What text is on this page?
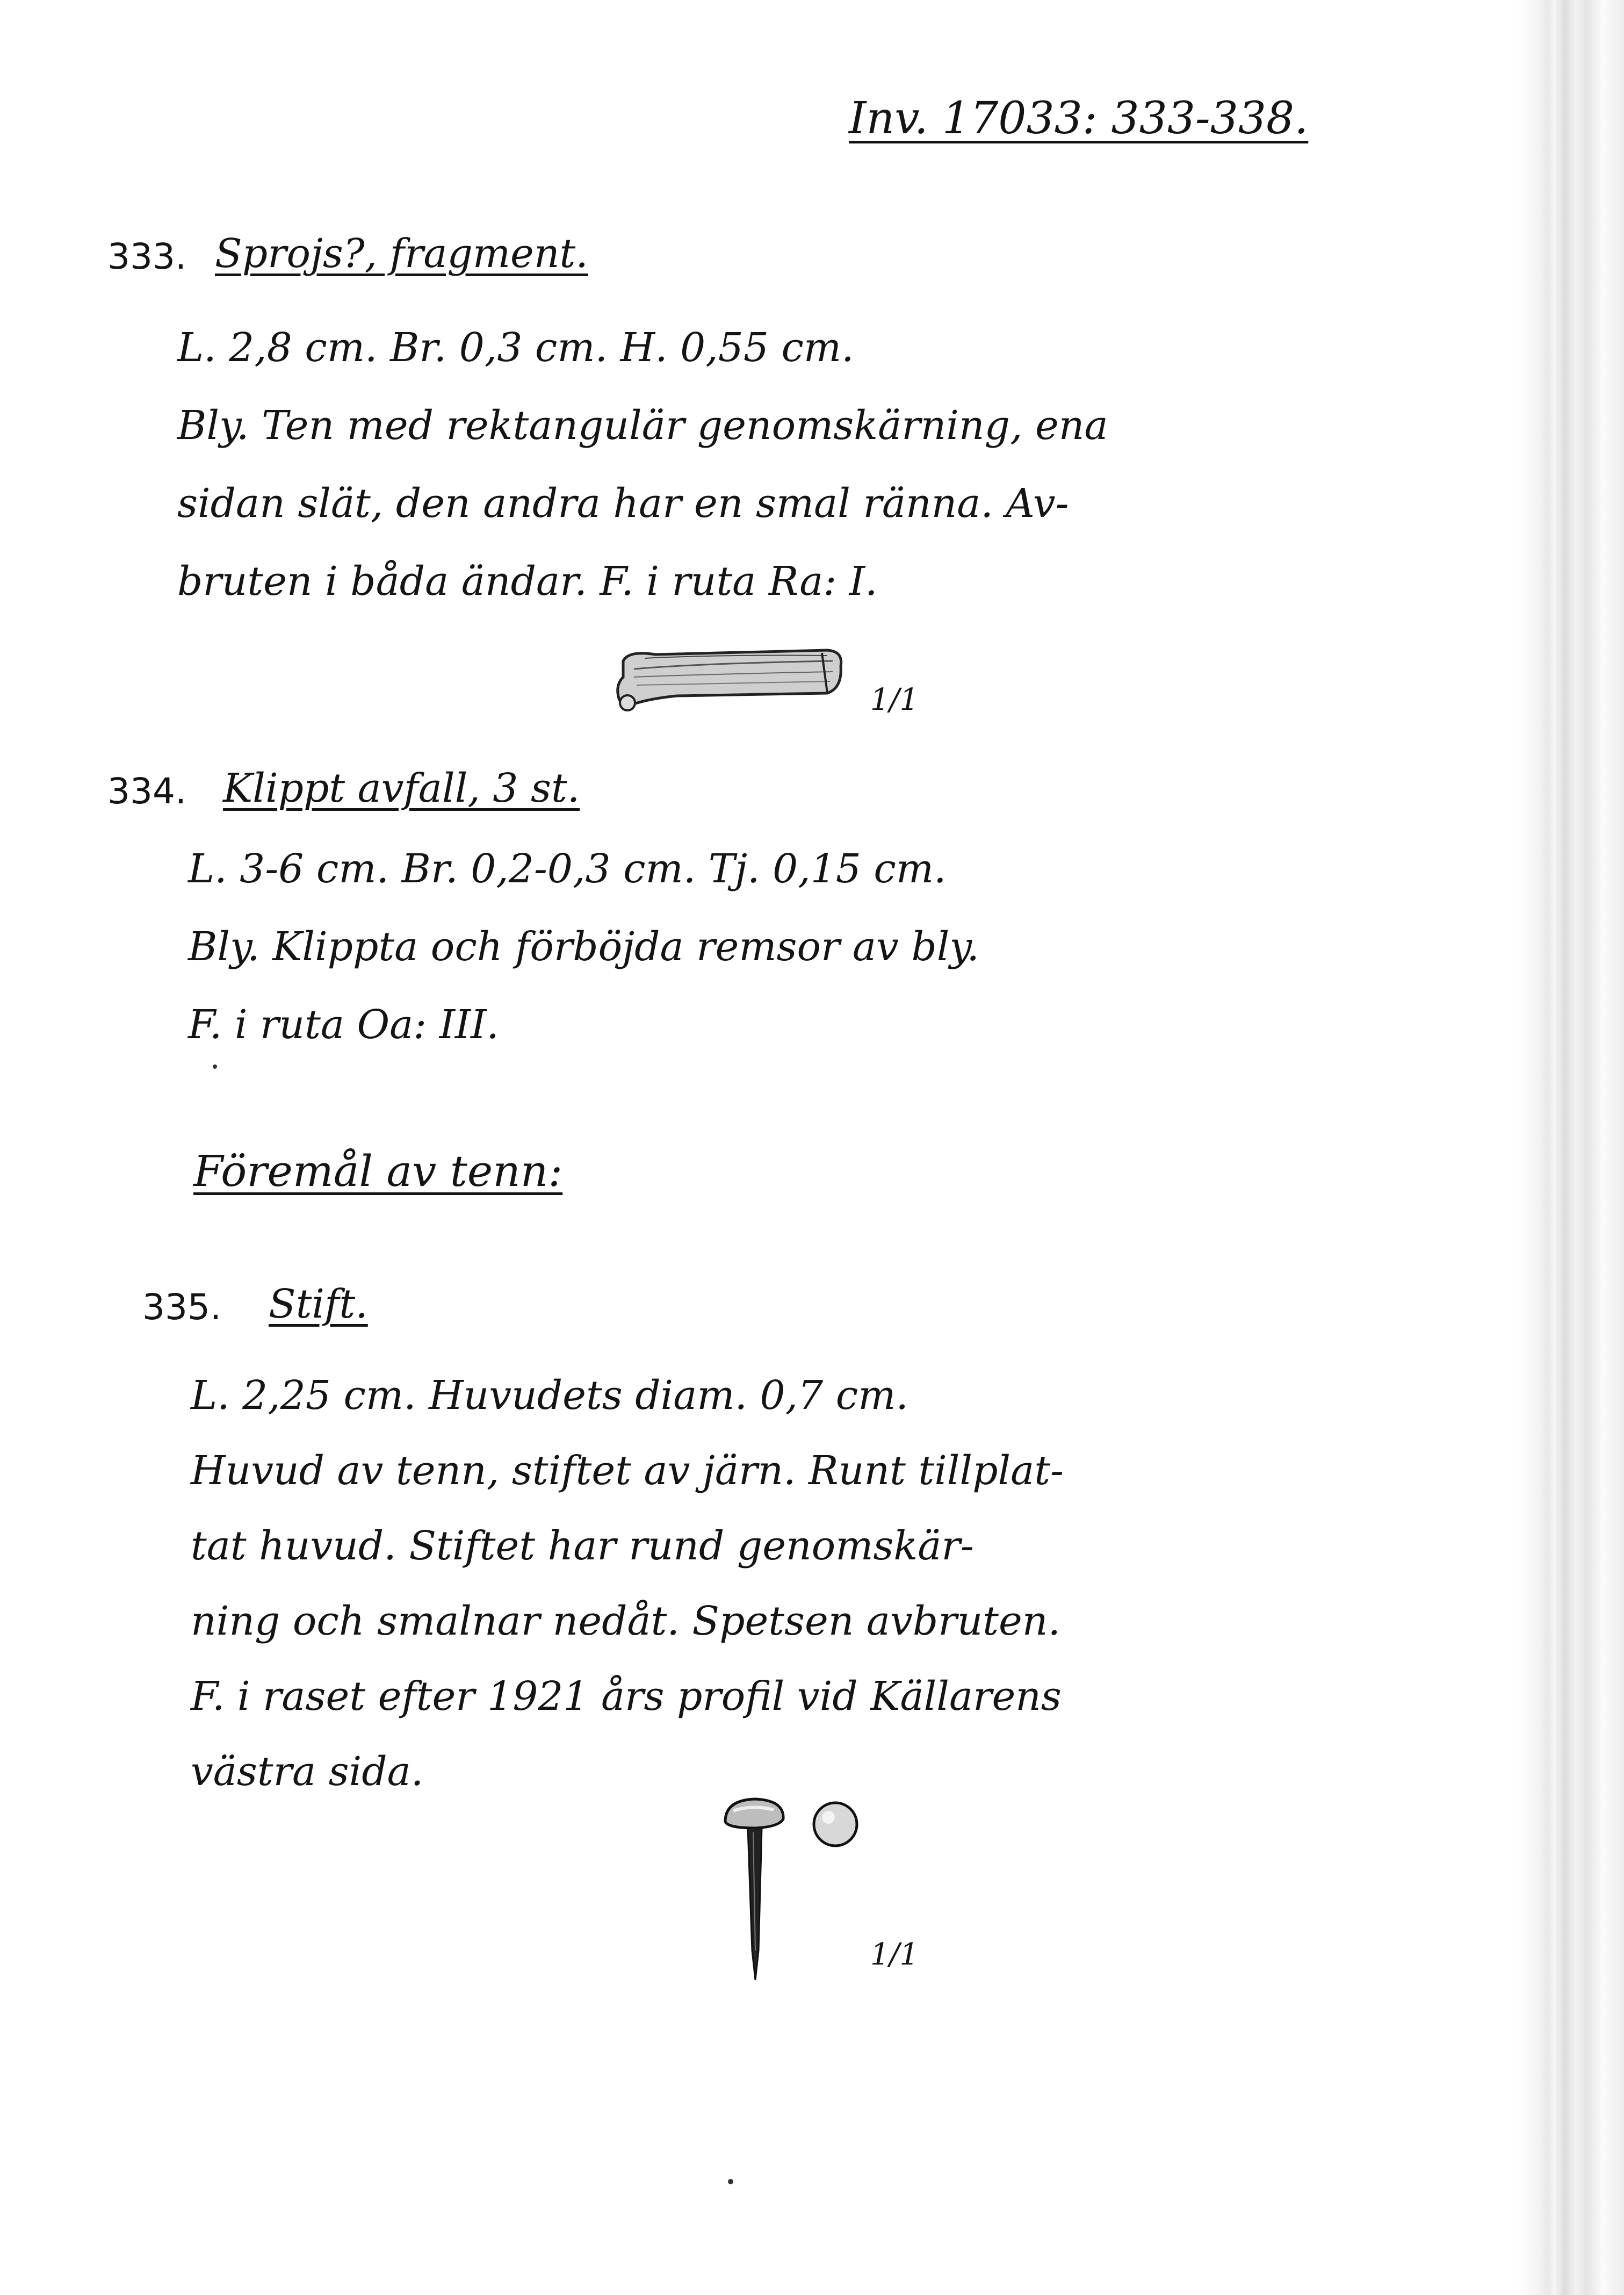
Inv. 17033: 333-338.
333. Sprojs?, fragment.
L. 2,8 cm. Br. 0,3 cm. H. 0,55 cm.
Bly. Ten med rektangulär genomskärning, ena
sidan slät, den andra har en smal ränna. Av-
bruten i båda ändar. F. i ruta Ra: I.
1/1
334. Klippt avfall, 3 st.
L. 3-6 cm. Br. 0,2-0,3 cm. Tj. 0,15 cm.
Bly. Klippta och förböjda remsor av bly.
F. i ruta Oa: III.
Föremål av tenn:
335. Stift.
L. 2,25 cm. Huvudets diam. 0,7 cm.
Huvud av tenn, stiftet av järn. Runt tillplat-
tat huvud. Stiftet har rund genomskär-
ning och smalnar nedåt. Spetsen avbruten.
F. i raset efter 1921 års profil vid Källarens
västra sida.
1/1
